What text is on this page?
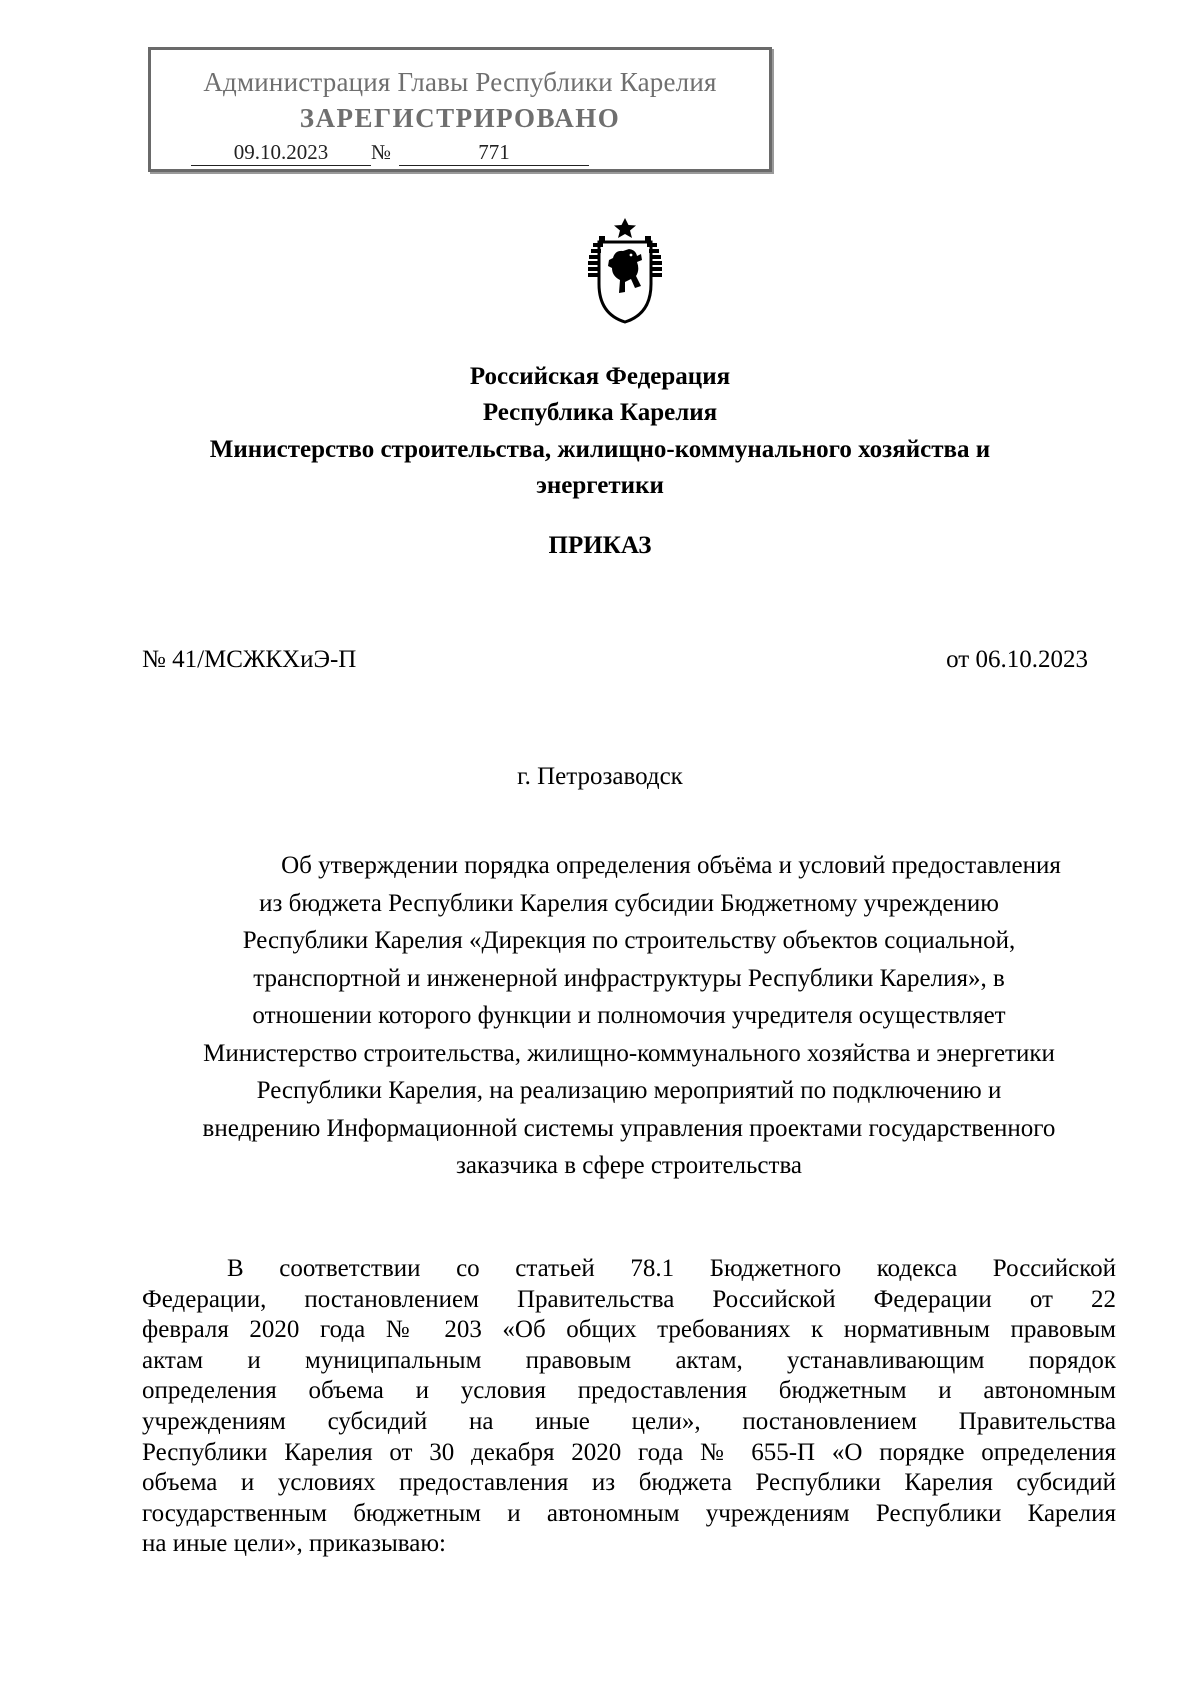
Администрация Главы Республики Карелия
ЗАРЕГИСТРИРОВАНО
09.10.2023 №	771
Российская Федерация
Республика Карелия
Министерство строительства, жилищно-коммунального хозяйства и
энергетики
ПРИКАЗ
№ 41/МСЖКХиЭ-П	от 06.10.2023
г. Петрозаводск
Об утверждении порядка определения объёма и условий предоставления
из бюджета Республики Карелия субсидии Бюджетному учреждению
Республики Карелия «Дирекция по строительству объектов социальной,
транспортной и инженерной инфраструктуры Республики Карелия», в
отношении которого функции и полномочия учредителя осуществляет
Министерство строительства, жилищно-коммунального хозяйства и энергетики
Республики Карелия, на реализацию мероприятий по подключению и
внедрению Информационной системы управления проектами государственного
заказчика в сфере строительства
В соответствии со статьей 78.1 Бюджетного кодекса Российской
Федерации, постановлением Правительства Российской Федерации от 22
февраля 2020 года № 203 «Об общих требованиях к нормативным правовым
актам и муниципальным правовым актам, устанавливающим порядок
определения объема и условия предоставления бюджетным и автономным
учреждениям субсидий на иные цели», постановлением Правительства
Республики Карелия от 30 декабря 2020 года № 655-П «О порядке определения
объема и условиях предоставления из бюджета Республики Карелия субсидий
государственным бюджетным и автономным учреждениям Республики Карелия
на иные цели», приказываю:
